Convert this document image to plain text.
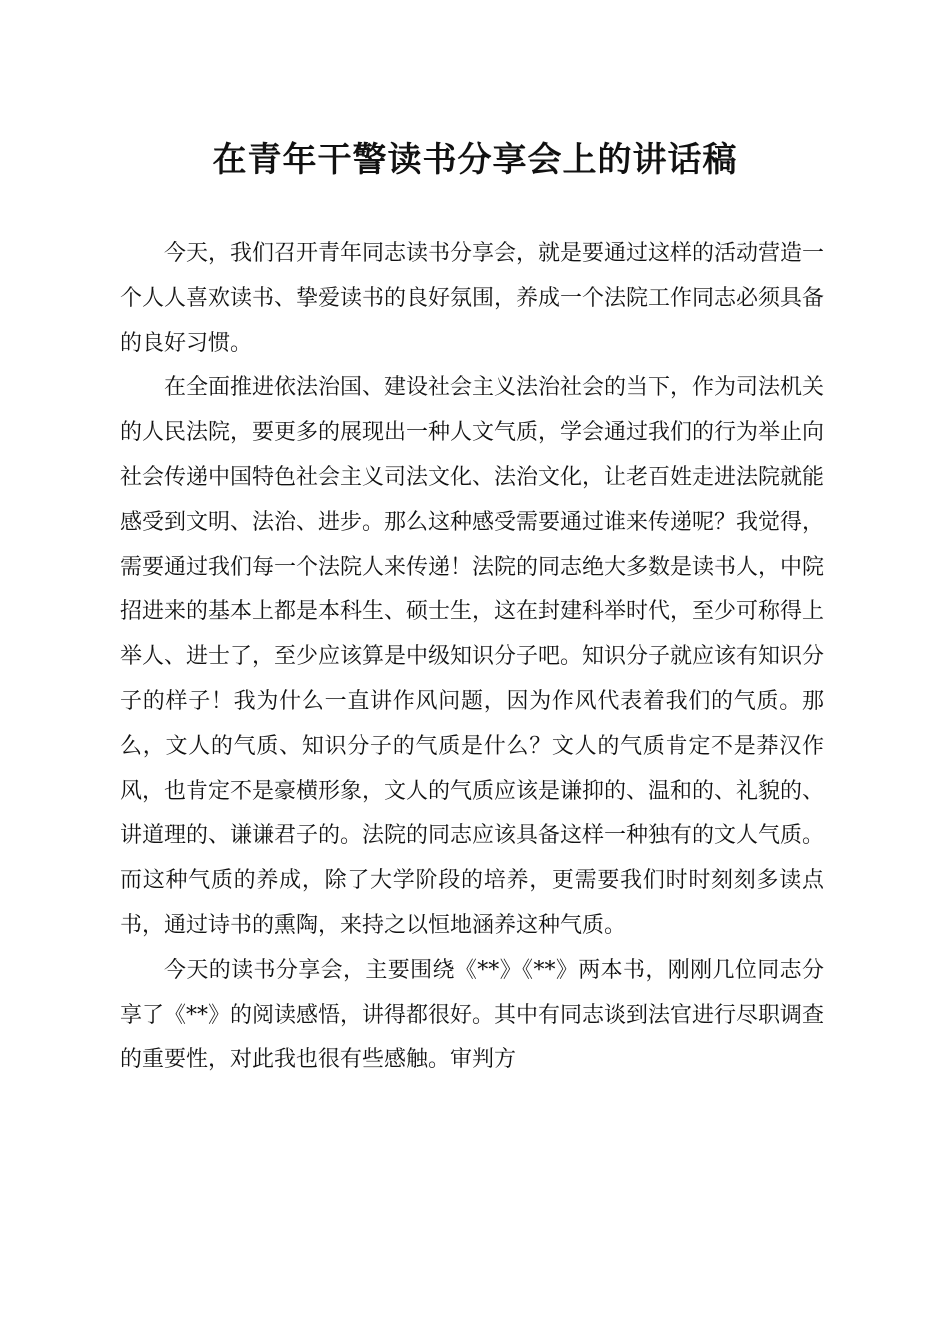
在青年干警读书分享会上的讲话稿

今天，我们召开青年同志读书分享会，就是要通过这样的活动营造一个人人喜欢读书、挚爱读书的良好氛围，养成一个法院工作同志必须具备的良好习惯。

在全面推进依法治国、建设社会主义法治社会的当下，作为司法机关的人民法院，要更多的展现出一种人文气质，学会通过我们的行为举止向社会传递中国特色社会主义司法文化、法治文化，让老百姓走进法院就能感受到文明、法治、进步。那么这种感受需要通过谁来传递呢？我觉得，需要通过我们每一个法院人来传递！法院的同志绝大多数是读书人，中院招进来的基本上都是本科生、硕士生，这在封建科举时代，至少可称得上举人、进士了，至少应该算是中级知识分子吧。知识分子就应该有知识分子的样子！我为什么一直讲作风问题，因为作风代表着我们的气质。那么，文人的气质、知识分子的气质是什么？文人的气质肯定不是莽汉作风，也肯定不是豪横形象，文人的气质应该是谦抑的、温和的、礼貌的、讲道理的、谦谦君子的。法院的同志应该具备这样一种独有的文人气质。而这种气质的养成，除了大学阶段的培养，更需要我们时时刻刻多读点书，通过诗书的熏陶，来持之以恒地涵养这种气质。

今天的读书分享会，主要围绕《**》《**》两本书，刚刚几位同志分享了《**》的阅读感悟，讲得都很好。其中有同志谈到法官进行尽职调查的重要性，对此我也很有些感触。审判方
